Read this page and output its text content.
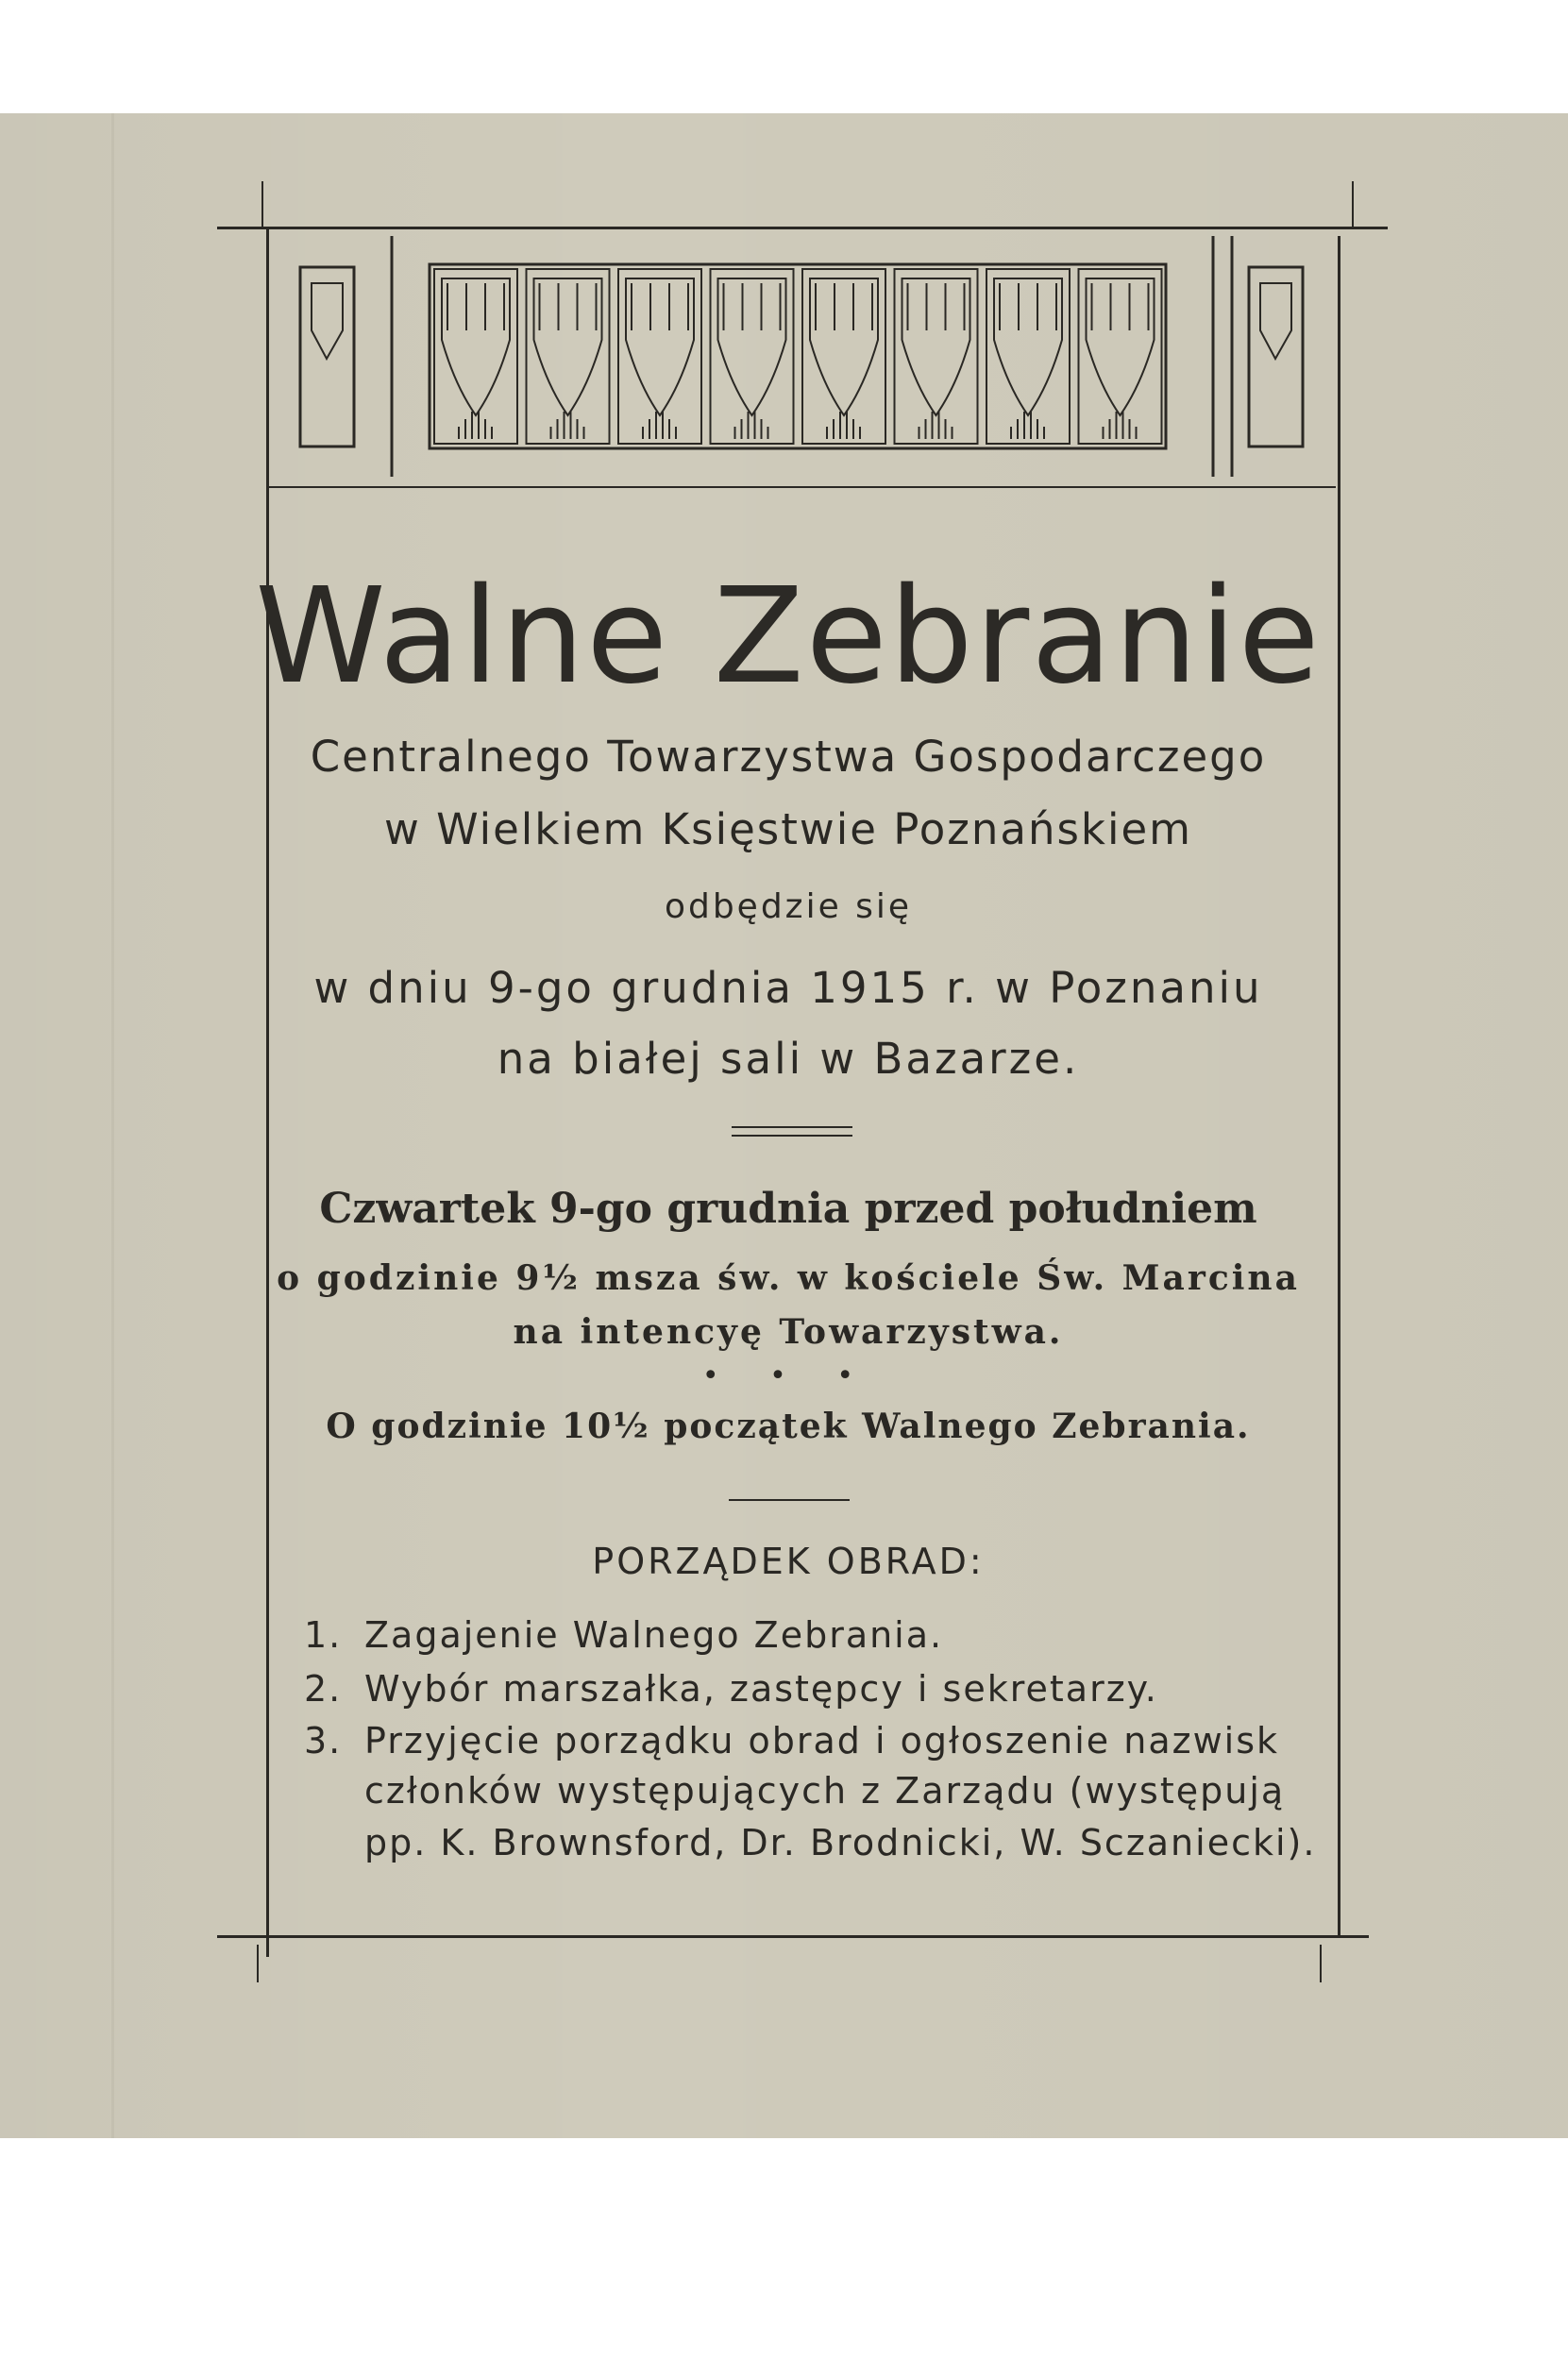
Walne Zebranie
Centralnego Towarzystwa Gospodarczego
w Wielkiem Księstwie Poznańskiem
odbędzie się
w dniu 9-go grudnia 1915 r. w Poznaniu
na białej sali w Bazarze.
Czwartek 9-go grudnia przed południem
o godzinie 9½ msza św. w kościele Św. Marcina
na intencyę Towarzystwa.
• • •
O godzinie 10½ początek Walnego Zebrania.
PORZĄDEK OBRAD:
1. Zagajenie Walnego Zebrania.
2. Wybór marszałka, zastępcy i sekretarzy.
3. Przyjęcie porządku obrad i ogłoszenie nazwisk
członków występujących z Zarządu (występują
pp. K. Brownsford, Dr. Brodnicki, W. Sczaniecki).
